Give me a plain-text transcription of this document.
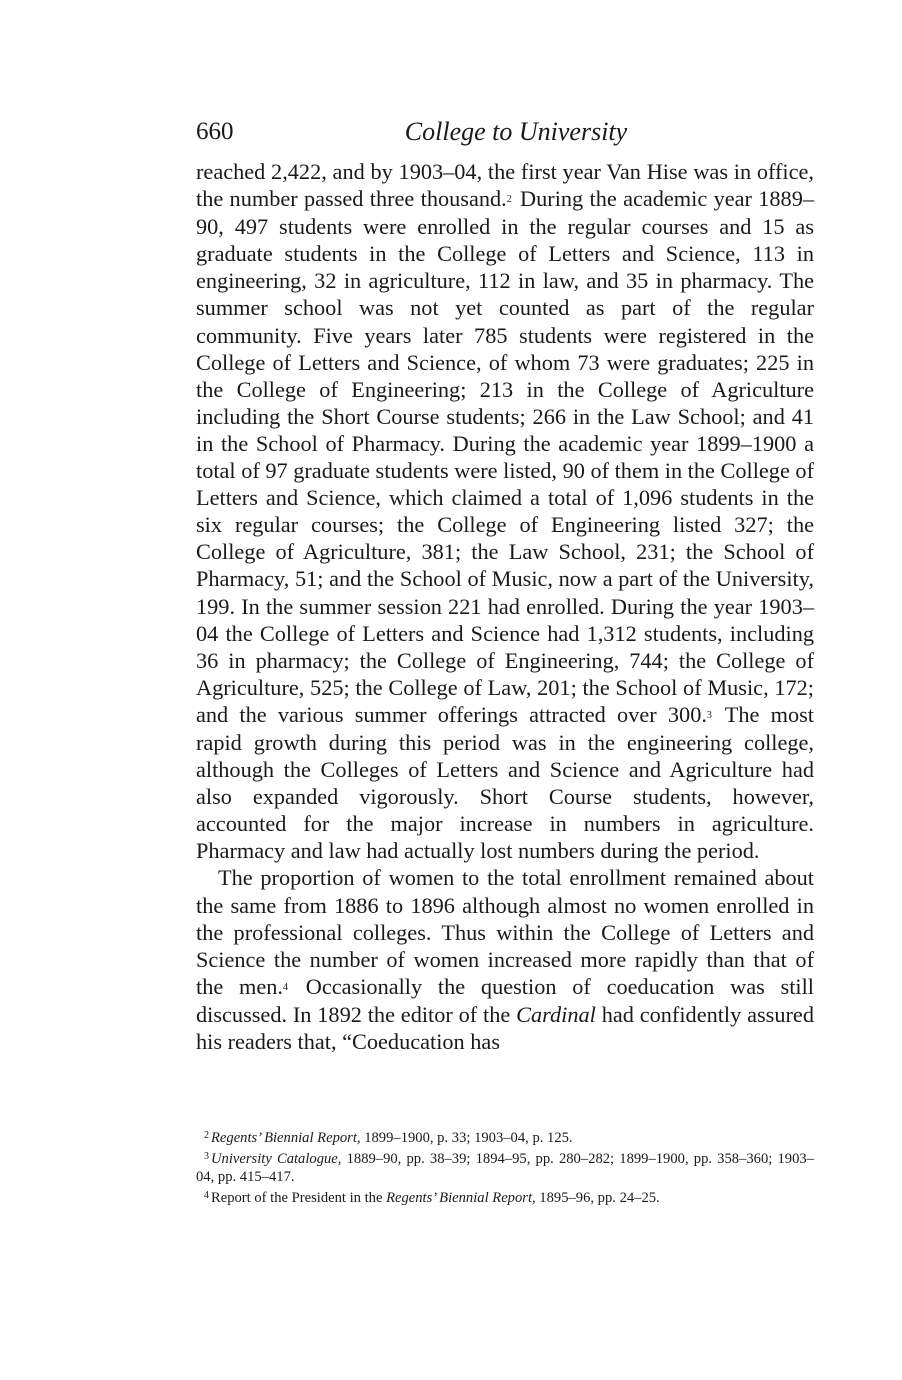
660	College to University

reached 2,422, and by 1903–04, the first year Van Hise was in office, the number passed three thousand.$^2$ During the academic year 1889–90, 497 students were enrolled in the regular courses and 15 as graduate students in the College of Letters and Science, 113 in engineering, 32 in agriculture, 112 in law, and 35 in pharmacy. The summer school was not yet counted as part of the regular community. Five years later 785 students were registered in the College of Letters and Science, of whom 73 were graduates; 225 in the College of Engineering; 213 in the College of Agriculture including the Short Course students; 266 in the Law School; and 41 in the School of Pharmacy. During the academic year 1899–1900 a total of 97 graduate students were listed, 90 of them in the College of Letters and Science, which claimed a total of 1,096 students in the six regular courses; the College of Engineering listed 327; the College of Agriculture, 381; the Law School, 231; the School of Pharmacy, 51; and the School of Music, now a part of the University, 199. In the summer session 221 had enrolled. During the year 1903–04 the College of Letters and Science had 1,312 students, including 36 in pharmacy; the College of Engineering, 744; the College of Agriculture, 525; the College of Law, 201; the School of Music, 172; and the various summer offerings attracted over 300.$^3$ The most rapid growth during this period was in the engineering college, although the Colleges of Letters and Science and Agriculture had also expanded vigorously. Short Course students, however, accounted for the major increase in numbers in agriculture. Pharmacy and law had actually lost numbers during the period.

The proportion of women to the total enrollment remained about the same from 1886 to 1896 although almost no women enrolled in the professional colleges. Thus within the College of Letters and Science the number of women increased more rapidly than that of the men.$^4$ Occasionally the question of coeducation was still discussed. In 1892 the editor of the Cardinal had confidently assured his readers that, “Coeducation has

$^2$ Regents’ Biennial Report, 1899–1900, p. 33; 1903–04, p. 125.

$^3$ University Catalogue, 1889–90, pp. 38–39; 1894–95, pp. 280–282; 1899–1900, pp. 358–360; 1903–04, pp. 415–417.

$^4$ Report of the President in the Regents’ Biennial Report, 1895–96, pp. 24–25.
